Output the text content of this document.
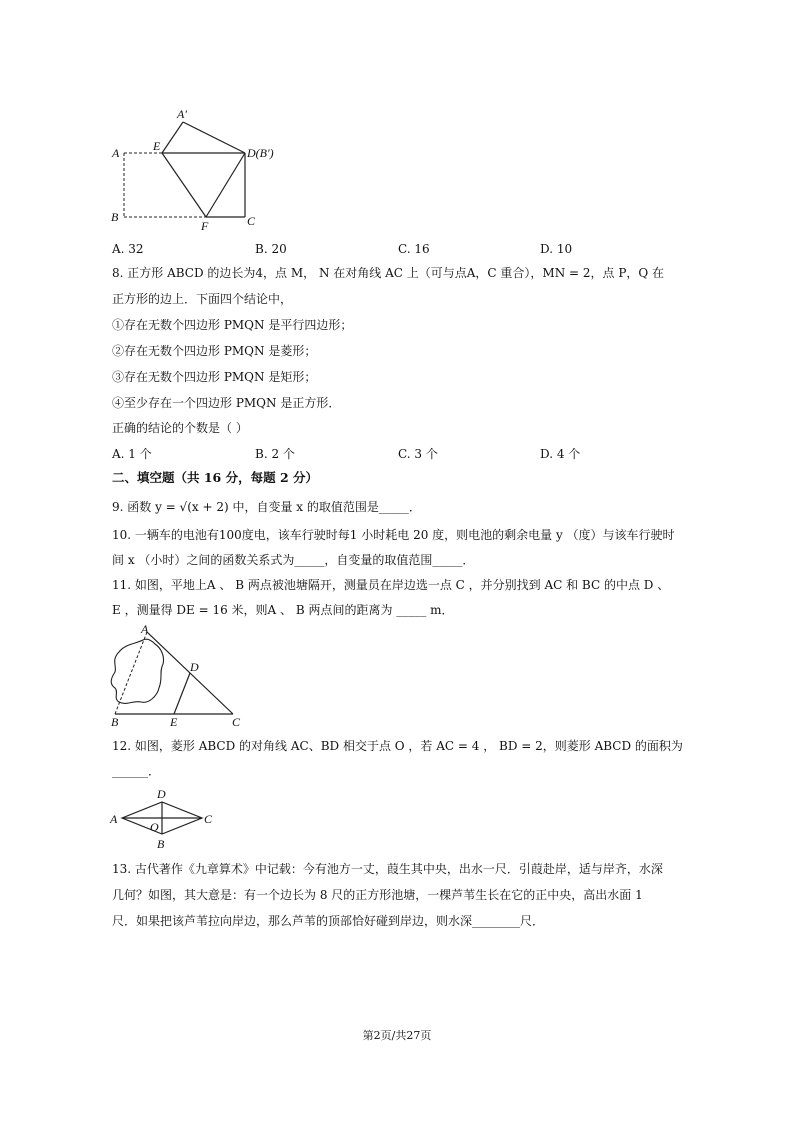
A
A′
E	D(B′)
B
F	C
A. 32	B. 20	C. 16	D. 10
8. 正方形 ABCD 的边长为4，点 M， N 在对角线 AC 上（可与点A，C 重合），MN = 2，点 P，Q 在
正方形的边上．下面四个结论中，
①存在无数个四边形 PMQN 是平行四边形；
②存在无数个四边形 PMQN 是菱形；
③存在无数个四边形 PMQN 是矩形；
④至少存在一个四边形 PMQN 是正方形．
正确的结论的个数是（ ）
A. 1 个	B. 2 个	C. 3 个	D. 4 个
二、填空题（共 16 分，每题 2 分）
9. 函数 y = √(x + 2) 中，自变量 x 的取值范围是_____．
10. 一辆车的电池有100度电，该车行驶时每1 小时耗电 20 度，则电池的剩余电量 y （度）与该车行驶时
间 x （小时）之间的函数关系式为_____，自变量的取值范围_____．
11. 如图，平地上A 、 B 两点被池塘隔开，测量员在岸边选一点 C ，并分别找到 AC 和 BC 的中点 D 、
E ，测量得 DE = 16 米，则A 、 B 两点间的距离为 _____ m．
A
D
B	E	C
12. 如图，菱形 ABCD 的对角线 AC、BD 相交于点 O ，若 AC = 4 ， BD = 2，则菱形 ABCD 的面积为
______．
A
D
O
C
B
13. 古代著作《九章算术》中记载：今有池方一丈，葭生其中央，出水一尺．引葭赴岸，适与岸齐，水深
几何？如图，其大意是：有一个边长为 8 尺的正方形池塘，一棵芦苇生长在它的正中央，高出水面 1
尺．如果把该芦苇拉向岸边，那么芦苇的顶部恰好碰到岸边，则水深________尺．
第2页/共27页
